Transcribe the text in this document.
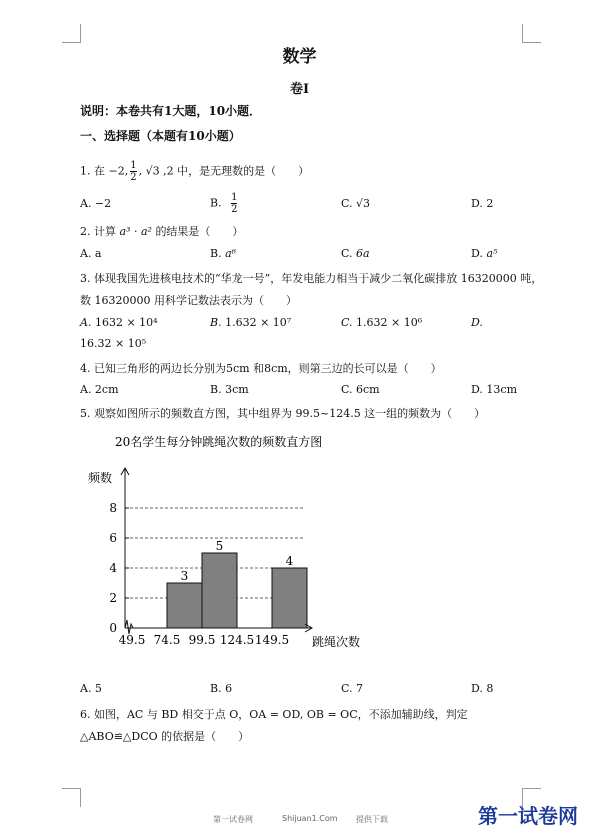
数学
卷I
说明：本卷共有1大题，10小题．
一、选择题（本题有10小题）
1. 在 −2, $\frac{1}{2}$ , √3 ,2 中，是无理数的是（　　）
A. −2	B. $\frac{1}{2}$	C. √3	D. 2
2. 计算 a³ · a² 的结果是（　　）
A. a	B. a⁶	C. 6a	D. a⁵
3. 体现我国先进核电技术的“华龙一号”，年发电能力相当于减少二氧化碳排放 16320000 吨，
数 16320000 用科学记数法表示为（　　）
A. 1632 × 10⁴	B. 1.632 × 10⁷	C. 1.632 × 10⁶	D.
16.32 × 10⁵
4. 已知三角形的两边长分别为5cm 和8cm，则第三边的长可以是（　　）
A. 2cm	B. 3cm	C. 6cm	D. 13cm
5. 观察如图所示的频数直方图，其中组界为 99.5~124.5 这一组的频数为（　　）
20名学生每分钟跳绳次数的频数直方图
0
2
4
6
8
49.5 74.5 99.5 124.5 149.5
3
5
4
频数
跳绳次数
A. 5	B. 6	C. 7	D. 8
6. 如图，AC 与 BD 相交于点 O，OA = OD, OB = OC，不添加辅助线，判定
△ABO≌△DCO 的依据是（　　）
第一试卷网	Shijuan1.Com 提供下载	第一试卷网
